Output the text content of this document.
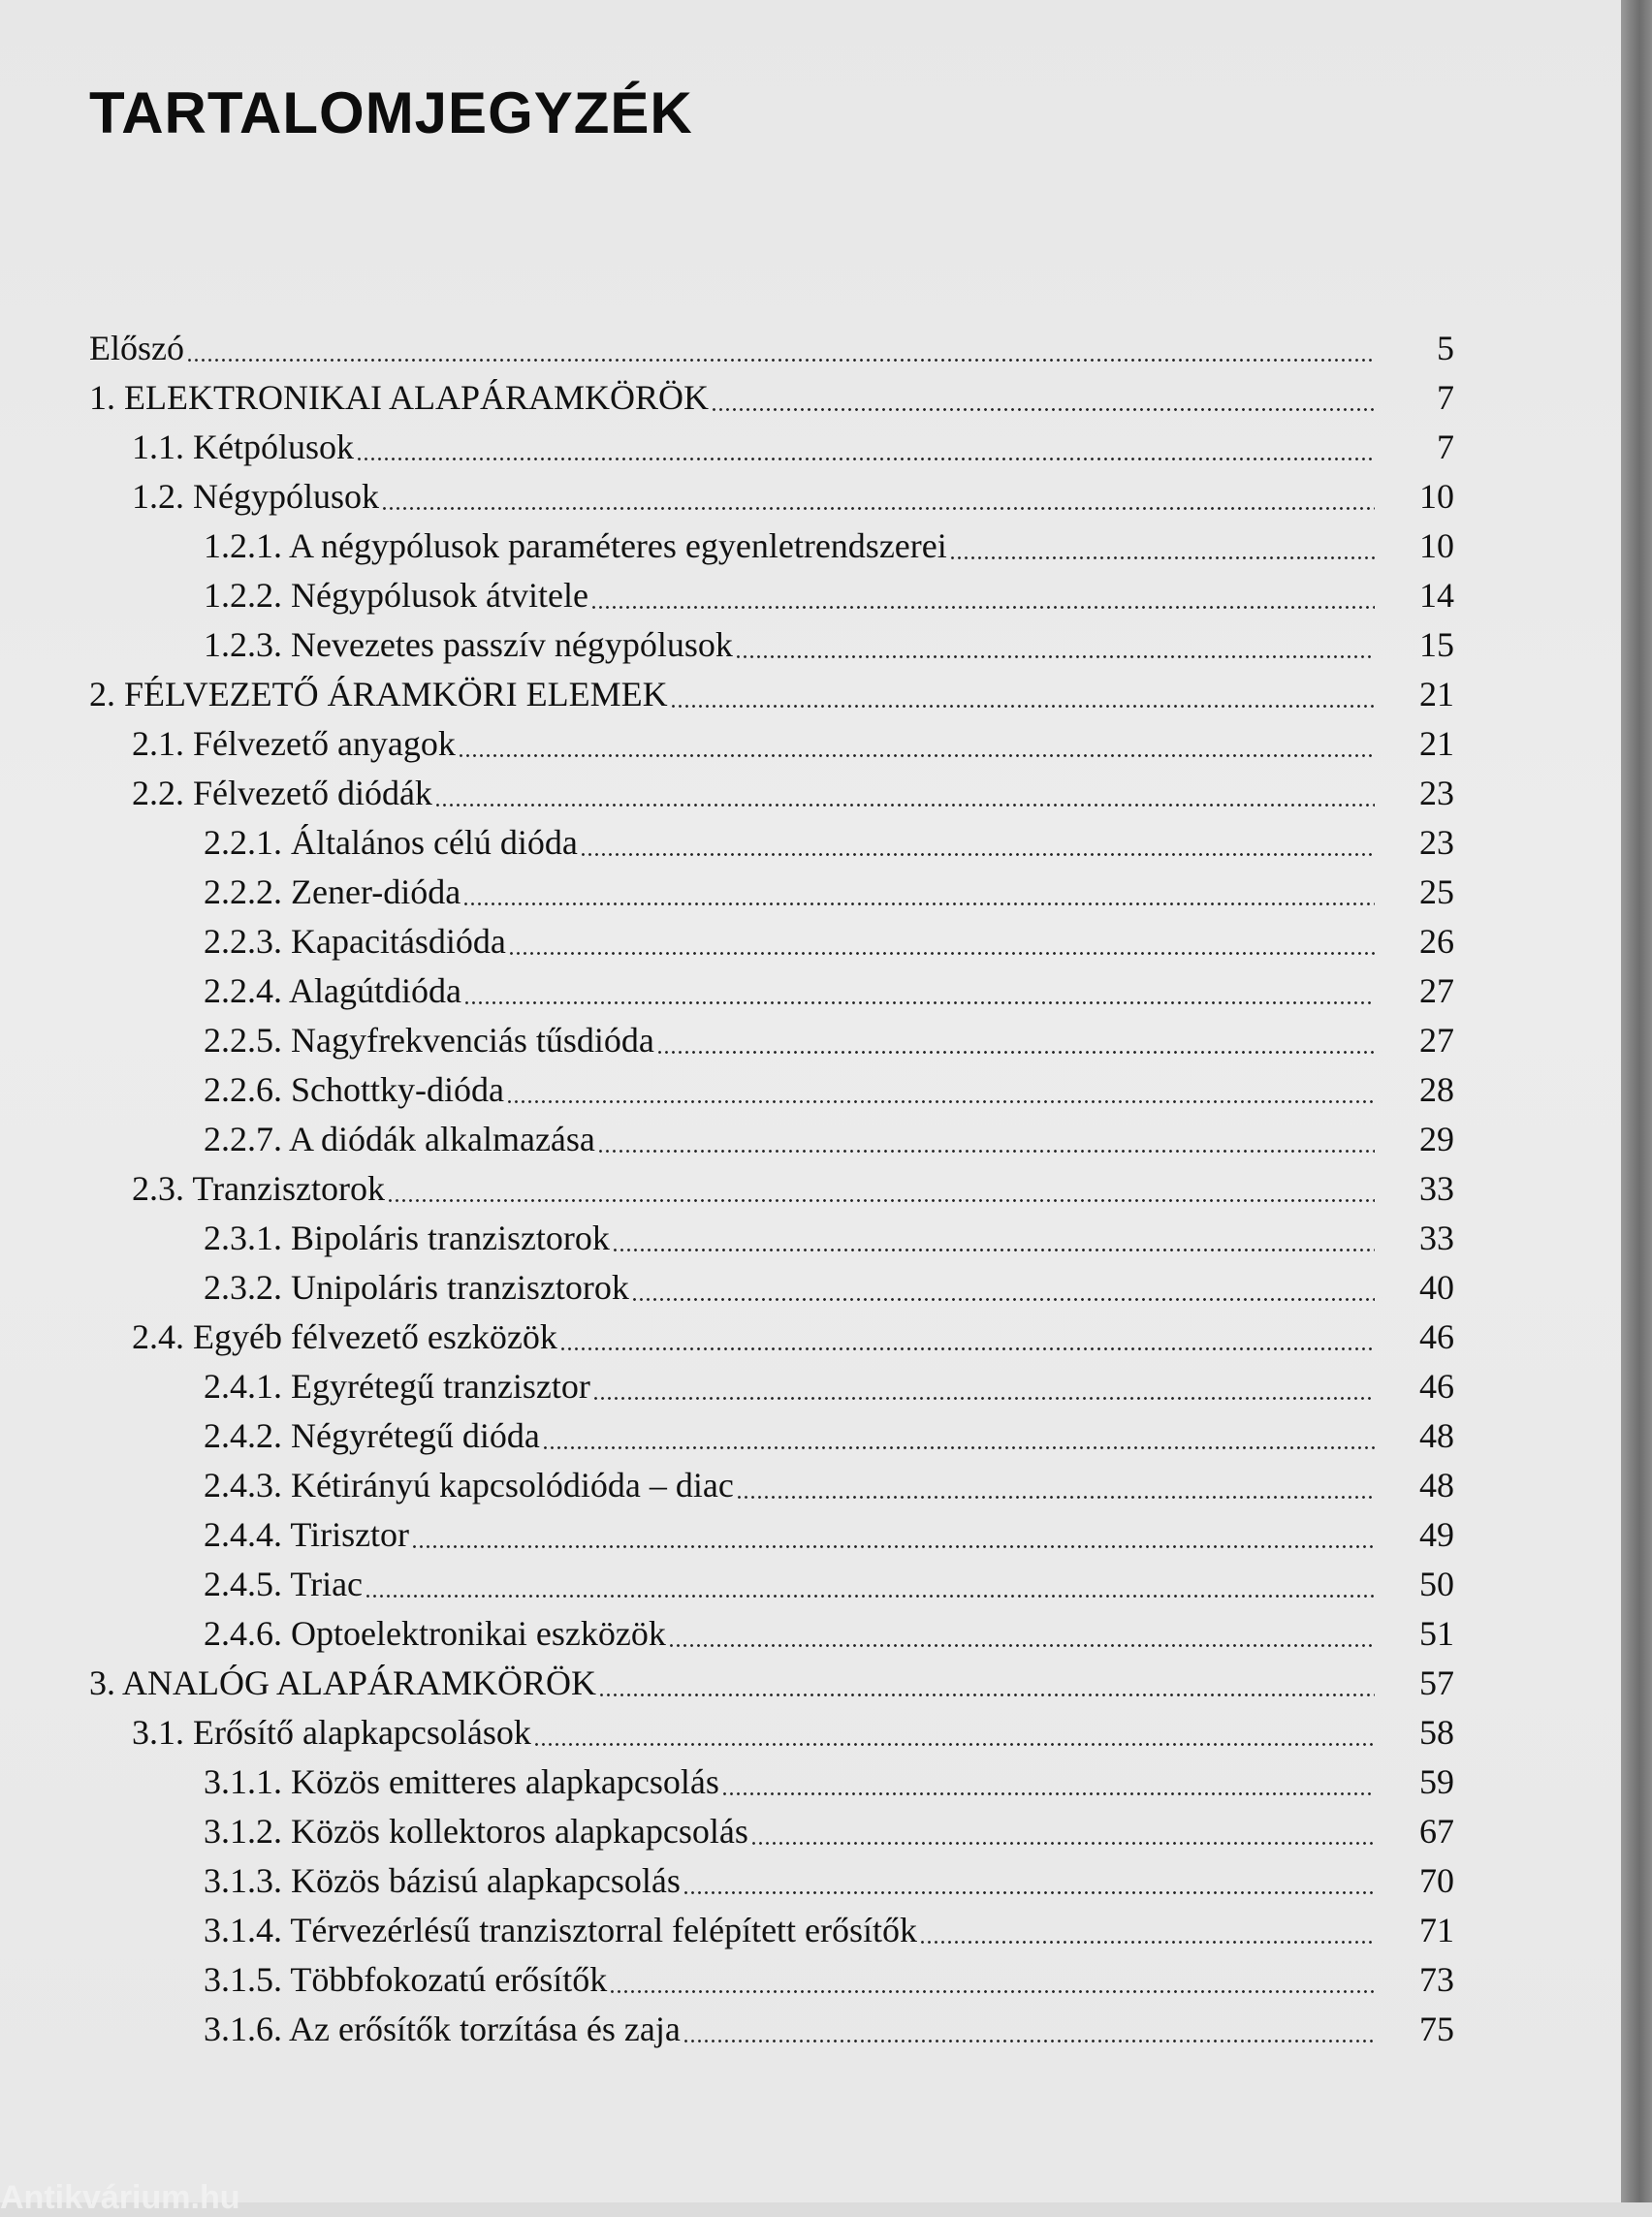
TARTALOMJEGYZÉK
Előszó	5
1. ELEKTRONIKAI ALAPÁRAMKÖRÖK	7
1.1. Kétpólusok	7
1.2. Négypólusok	10
1.2.1. A négypólusok paraméteres egyenletrendszerei	10
1.2.2. Négypólusok átvitele	14
1.2.3. Nevezetes passzív négypólusok	15
2. FÉLVEZETŐ ÁRAMKÖRI ELEMEK	21
2.1. Félvezető anyagok	21
2.2. Félvezető diódák	23
2.2.1. Általános célú dióda	23
2.2.2. Zener-dióda	25
2.2.3. Kapacitásdióda	26
2.2.4. Alagútdióda	27
2.2.5. Nagyfrekvenciás tűsdióda	27
2.2.6. Schottky-dióda	28
2.2.7. A diódák alkalmazása	29
2.3. Tranzisztorok	33
2.3.1. Bipoláris tranzisztorok	33
2.3.2. Unipoláris tranzisztorok	40
2.4. Egyéb félvezető eszközök	46
2.4.1. Egyrétegű tranzisztor	46
2.4.2. Négyrétegű dióda	48
2.4.3. Kétirányú kapcsolódióda – diac	48
2.4.4. Tirisztor	49
2.4.5. Triac	50
2.4.6. Optoelektronikai eszközök	51
3. ANALÓG ALAPÁRAMKÖRÖK	57
3.1. Erősítő alapkapcsolások	58
3.1.1. Közös emitteres alapkapcsolás	59
3.1.2. Közös kollektoros alapkapcsolás	67
3.1.3. Közös bázisú alapkapcsolás	70
3.1.4. Térvezérlésű tranzisztorral felépített erősítők	71
3.1.5. Többfokozatú erősítők	73
3.1.6. Az erősítők torzítása és zaja	75
Antikvárium.hu
